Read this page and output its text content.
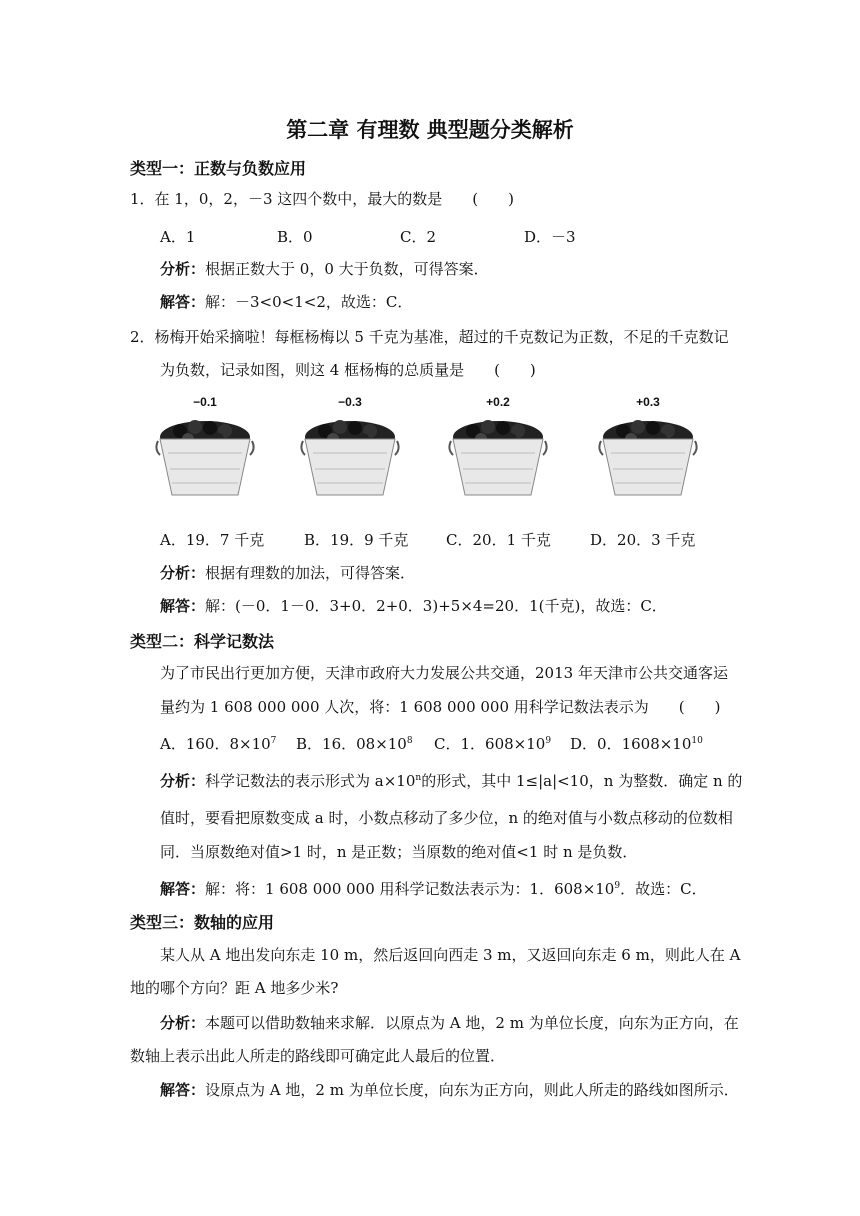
第二章 有理数 典型题分类解析
类型一：正数与负数应用
1．在 1，0，2，－3 这四个数中，最大的数是　　(　　)
A．1	B．0	C．2	D．－3
分析：根据正数大于 0，0 大于负数，可得答案．
解答：解：－3<0<1<2，故选：C．
2．杨梅开始采摘啦！每框杨梅以 5 千克为基准，超过的千克数记为正数，不足的千克数记
为负数，记录如图，则这 4 框杨梅的总质量是　　(　　)
−0.1	−0.3	+0.2	+0.3
A．19．7 千克	B．19．9 千克	C．20．1 千克	D．20．3 千克
分析：根据有理数的加法，可得答案．
解答：解：(－0．1－0．3+0．2+0．3)+5×4=20．1(千克)，故选：C．
类型二：科学记数法
为了市民出行更加方便，天津市政府大力发展公共交通，2013 年天津市公共交通客运
量约为 1 608 000 000 人次，将：1 608 000 000 用科学记数法表示为　　(　　)
A．160．$8\times 10^7$ B．16．$08\times 10^8$ C．1．$608\times 10^9$ D．0．$1608\times 10^{10}$
分析：科学记数法的表示形式为 $a\times 10^n$的形式，其中 1≤|a|<10，n 为整数．确定 n 的
值时，要看把原数变成 a 时，小数点移动了多少位，n 的绝对值与小数点移动的位数相
同．当原数绝对值>1 时，n 是正数；当原数的绝对值<1 时 n 是负数．
解答：解：将：1 608 000 000 用科学记数法表示为：1．$608\times 10^9$．故选：C．
类型三：数轴的应用
某人从 A 地出发向东走 10 m，然后返回向西走 3 m，又返回向东走 6 m，则此人在 A
地的哪个方向？距 A 地多少米?
分析：本题可以借助数轴来求解．以原点为 A 地，2 m 为单位长度，向东为正方向，在
数轴上表示出此人所走的路线即可确定此人最后的位置．
解答：设原点为 A 地，2 m 为单位长度，向东为正方向，则此人所走的路线如图所示．
